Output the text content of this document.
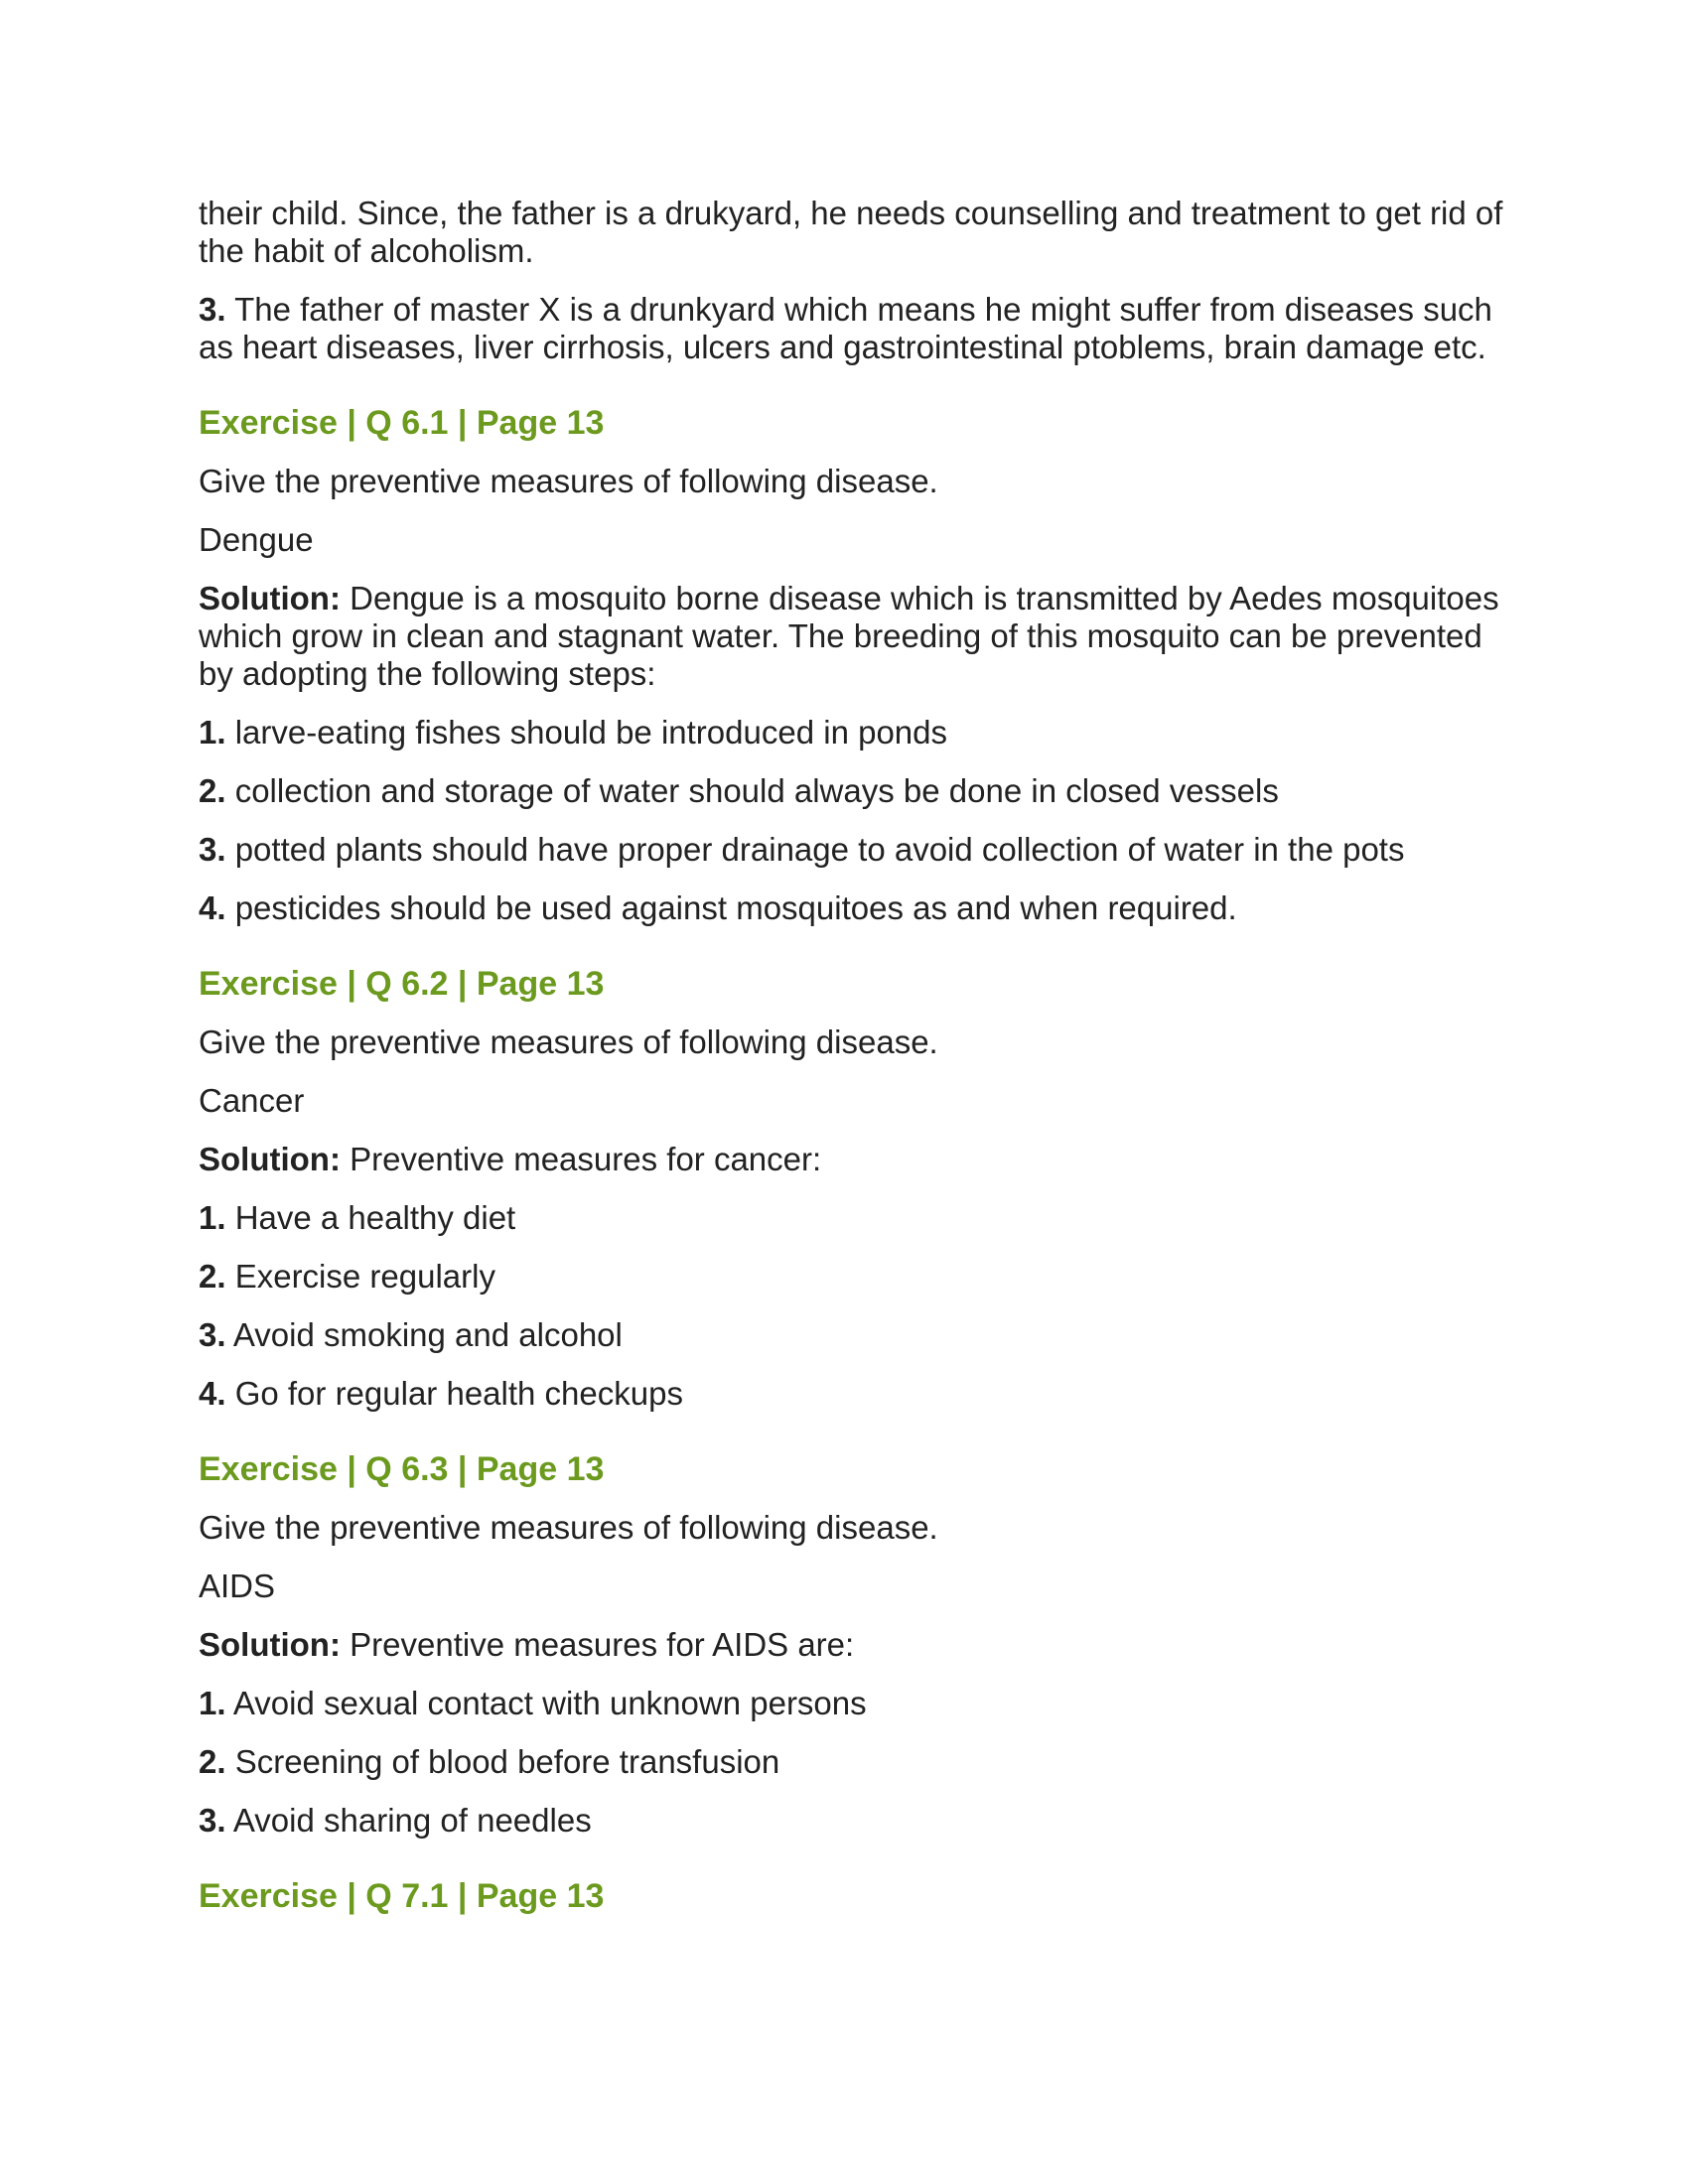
their child. Since, the father is a drukyard, he needs counselling and treatment to get rid of the habit of alcoholism.

3. The father of master X is a drunkyard which means he might suffer from diseases such as heart diseases, liver cirrhosis, ulcers and gastrointestinal ptoblems, brain damage etc.

Exercise | Q 6.1 | Page 13

Give the preventive measures of following disease.

Dengue

Solution: Dengue is a mosquito borne disease which is transmitted by Aedes mosquitoes which grow in clean and stagnant water. The breeding of this mosquito can be prevented by adopting the following steps:

1. larve-eating fishes should be introduced in ponds

2. collection and storage of water should always be done in closed vessels

3. potted plants should have proper drainage to avoid collection of water in the pots

4. pesticides should be used against mosquitoes as and when required.

Exercise | Q 6.2 | Page 13

Give the preventive measures of following disease.

Cancer

Solution: Preventive measures for cancer:

1. Have a healthy diet

2. Exercise regularly

3. Avoid smoking and alcohol

4. Go for regular health checkups

Exercise | Q 6.3 | Page 13

Give the preventive measures of following disease.

AIDS

Solution: Preventive measures for AIDS are:

1. Avoid sexual contact with unknown persons

2. Screening of blood before transfusion

3. Avoid sharing of needles

Exercise | Q 7.1 | Page 13
